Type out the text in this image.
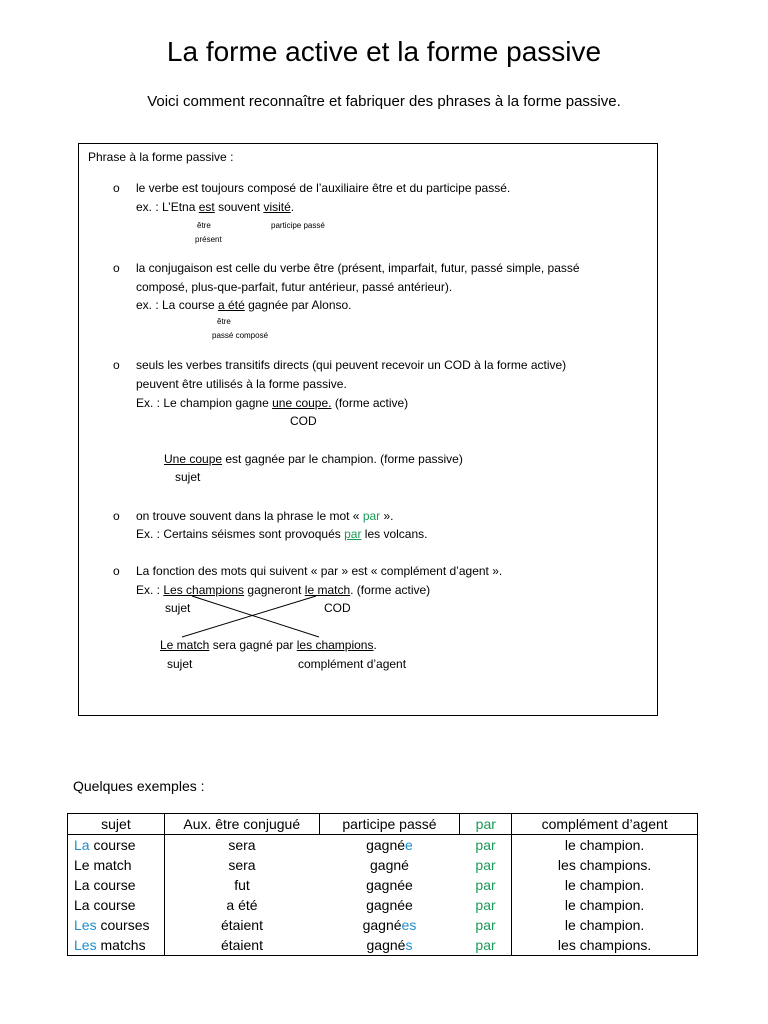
La forme active et la forme passive
Voici comment reconnaître et fabriquer des phrases à la forme passive.
Phrase à la forme passive :
o le verbe est toujours composé de l’auxiliaire être et du participe passé.
ex. : L’Etna est souvent visité.
être	participe passé
présent
o la conjugaison est celle du verbe être (présent, imparfait, futur, passé simple, passé
composé, plus-que-parfait, futur antérieur, passé antérieur).
ex. : La course a été gagnée par Alonso.
être
passé composé
o seuls les verbes transitifs directs (qui peuvent recevoir un COD à la forme active)
peuvent être utilisés à la forme passive.
Ex. : Le champion gagne une coupe. (forme active)
COD
Une coupe est gagnée par le champion. (forme passive)
sujet
o on trouve souvent dans la phrase le mot « par ».
Ex. : Certains séismes sont provoqués par les volcans.
o La fonction des mots qui suivent « par » est « complément d’agent ».
Ex. : Les champions gagneront le match. (forme active)
sujet	COD
Le match sera gagné par les champions.
sujet	complément d’agent
Quelques exemples :
sujet	Aux. être conjugué	participe passé	par	complément d’agent
La course	sera	gagnée	par	le champion.
Le match	sera	gagné	par	les champions.
La course	fut	gagnée	par	le champion.
La course	a été	gagnée	par	le champion.
Les courses	étaient	gagnées	par	le champion.
Les matchs	étaient	gagnés	par	les champions.
